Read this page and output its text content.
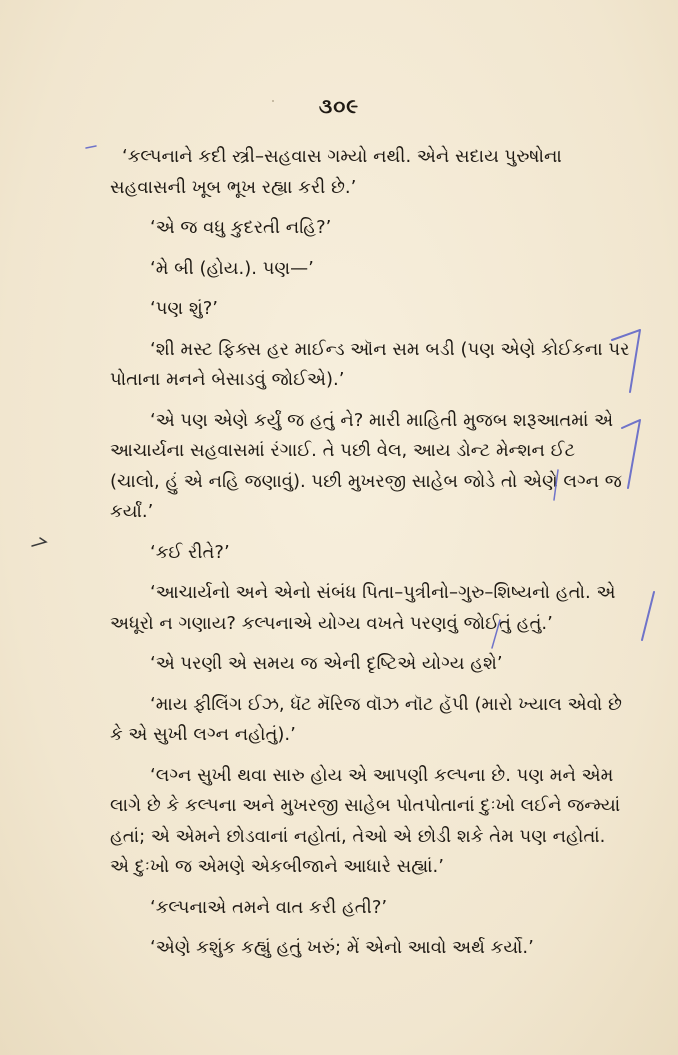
૩૦૯

‘કલ્પનાને કદી સ્ત્રી–સહવાસ ગમ્યો નથી. એને સદાય પુરુષોના સહવાસની ખૂબ ભૂખ રહ્યા કરી છે.’

‘એ જ વધુ કુદરતી નહિ?’

‘મે બી (હોય.). પણ—’

‘પણ શું?’

‘શી મસ્ટ ફિક્સ હર માઈન્ડ ઑન સમ બડી (પણ એણે કોઈકના પર પોતાના મનને બેસાડવું જોઈએ).’

‘એ પણ એણે કર્યું જ હતું ને? મારી માહિતી મુજબ શરૂઆતમાં એ આચાર્યના સહવાસમાં રંગાઈ. તે પછી વેલ, આય ડોન્ટ મેન્શન ઈટ (ચાલો, હું એ નહિ જણાવું). પછી મુખરજી સાહેબ જોડે તો એણે લગ્ન જ કર્યાં.’

‘કઈ રીતે?’

‘આચાર્યનો અને એનો સંબંધ પિતા–પુત્રીનો–ગુરુ–શિષ્યનો હતો. એ અધૂરો ન ગણાય? કલ્પનાએ યોગ્ય વખતે પરણવું જોઈતું હતું.’

‘એ પરણી એ સમય જ એની દૃષ્ટિએ યોગ્ય હશે’

‘માય ફીલિંગ ઈઝ, ધૅટ મૅરિજ વૉઝ નૉટ હૅપી (મારો ખ્યાલ એવો છે કે એ સુખી લગ્ન નહોતું).’

‘લગ્ન સુખી થવા સારુ હોય એ આપણી કલ્પના છે. પણ મને એમ લાગે છે કે કલ્પના અને મુખરજી સાહેબ પોતપોતાનાં દુઃખો લઈને જન્મ્યાં હતાં; એ એમને છોડવાનાં નહોતાં, તેઓ એ છોડી શકે તેમ પણ નહોતાં. એ દુઃખો જ એમણે એકબીજાને આધારે સહ્યાં.’

‘કલ્પનાએ તમને વાત કરી હતી?’

‘એણે કશુંક કહ્યું હતું ખરું; મેં એનો આવો અર્થ કર્યો.’
